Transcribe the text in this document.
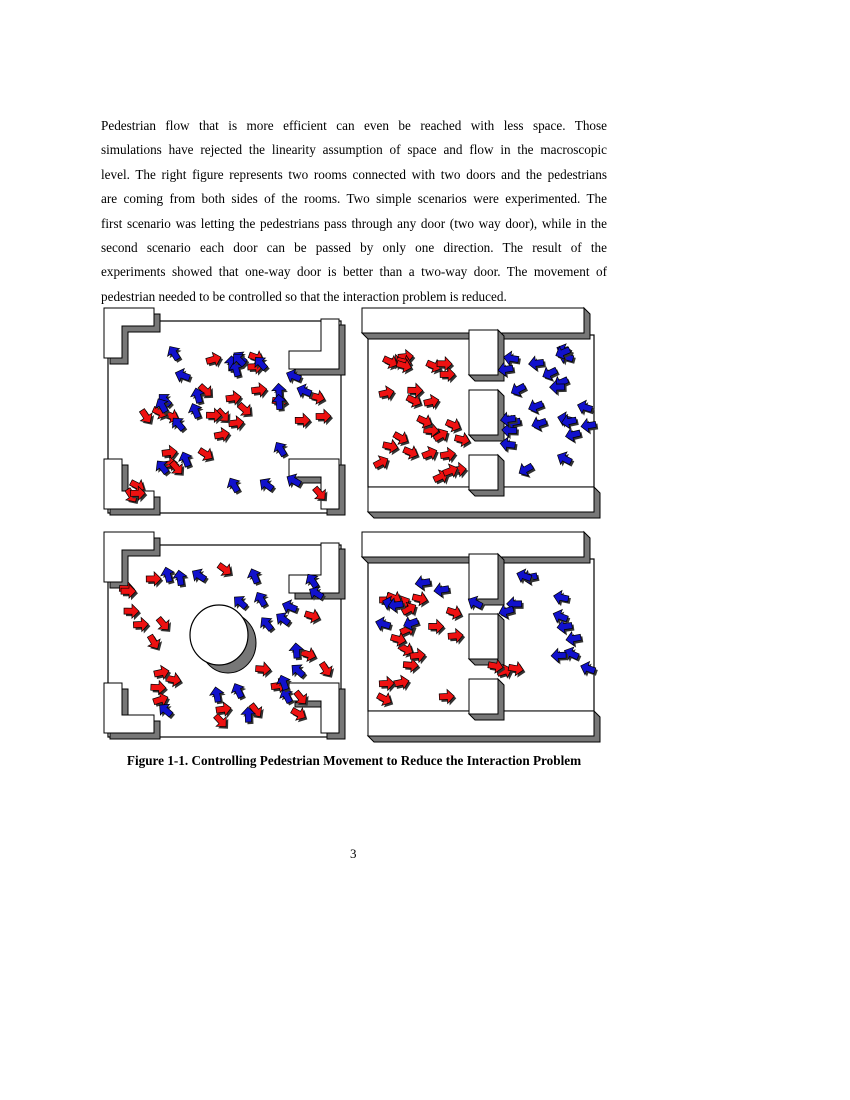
Pedestrian flow that is more efficient can even be reached with less space. Those
simulations have rejected the linearity assumption of space and flow in the macroscopic
level. The right figure represents two rooms connected with two doors and the pedestrians
are coming from both sides of the rooms. Two simple scenarios were experimented. The
first scenario was letting the pedestrians pass through any door (two way door), while in the
second scenario each door can be passed by only one direction. The result of the
experiments showed that one-way door is better than a two-way door. The movement of
pedestrian needed to be controlled so that the interaction problem is reduced.

Figure 1-1. Controlling Pedestrian Movement to Reduce the Interaction Problem

3
